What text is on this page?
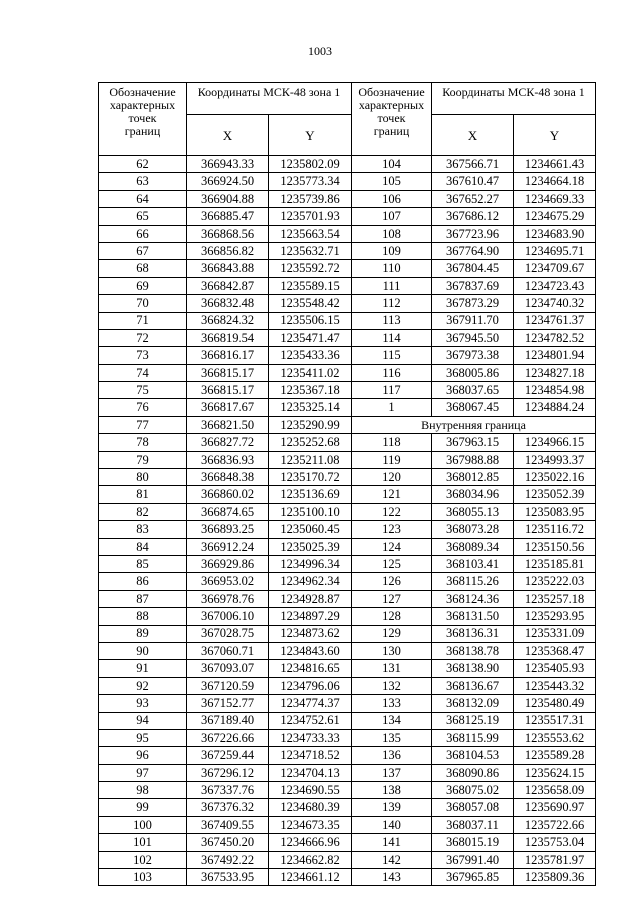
1003
Обозначение
характерных
точек
границ	Координаты МСК-48 зона 1		Обозначение
характерных
точек
границ	Координаты МСК-48 зона 1	
	X	Y		X	Y
62	366943.33	1235802.09	104	367566.71	1234661.43
63	366924.50	1235773.34	105	367610.47	1234664.18
64	366904.88	1235739.86	106	367652.27	1234669.33
65	366885.47	1235701.93	107	367686.12	1234675.29
66	366868.56	1235663.54	108	367723.96	1234683.90
67	366856.82	1235632.71	109	367764.90	1234695.71
68	366843.88	1235592.72	110	367804.45	1234709.67
69	366842.87	1235589.15	111	367837.69	1234723.43
70	366832.48	1235548.42	112	367873.29	1234740.32
71	366824.32	1235506.15	113	367911.70	1234761.37
72	366819.54	1235471.47	114	367945.50	1234782.52
73	366816.17	1235433.36	115	367973.38	1234801.94
74	366815.17	1235411.02	116	368005.86	1234827.18
75	366815.17	1235367.18	117	368037.65	1234854.98
76	366817.67	1235325.14	1	368067.45	1234884.24
77	366821.50	1235290.99	Внутренняя граница		
78	366827.72	1235252.68	118	367963.15	1234966.15
79	366836.93	1235211.08	119	367988.88	1234993.37
80	366848.38	1235170.72	120	368012.85	1235022.16
81	366860.02	1235136.69	121	368034.96	1235052.39
82	366874.65	1235100.10	122	368055.13	1235083.95
83	366893.25	1235060.45	123	368073.28	1235116.72
84	366912.24	1235025.39	124	368089.34	1235150.56
85	366929.86	1234996.34	125	368103.41	1235185.81
86	366953.02	1234962.34	126	368115.26	1235222.03
87	366978.76	1234928.87	127	368124.36	1235257.18
88	367006.10	1234897.29	128	368131.50	1235293.95
89	367028.75	1234873.62	129	368136.31	1235331.09
90	367060.71	1234843.60	130	368138.78	1235368.47
91	367093.07	1234816.65	131	368138.90	1235405.93
92	367120.59	1234796.06	132	368136.67	1235443.32
93	367152.77	1234774.37	133	368132.09	1235480.49
94	367189.40	1234752.61	134	368125.19	1235517.31
95	367226.66	1234733.33	135	368115.99	1235553.62
96	367259.44	1234718.52	136	368104.53	1235589.28
97	367296.12	1234704.13	137	368090.86	1235624.15
98	367337.76	1234690.55	138	368075.02	1235658.09
99	367376.32	1234680.39	139	368057.08	1235690.97
100	367409.55	1234673.35	140	368037.11	1235722.66
101	367450.20	1234666.96	141	368015.19	1235753.04
102	367492.22	1234662.82	142	367991.40	1235781.97
103	367533.95	1234661.12	143	367965.85	1235809.36
